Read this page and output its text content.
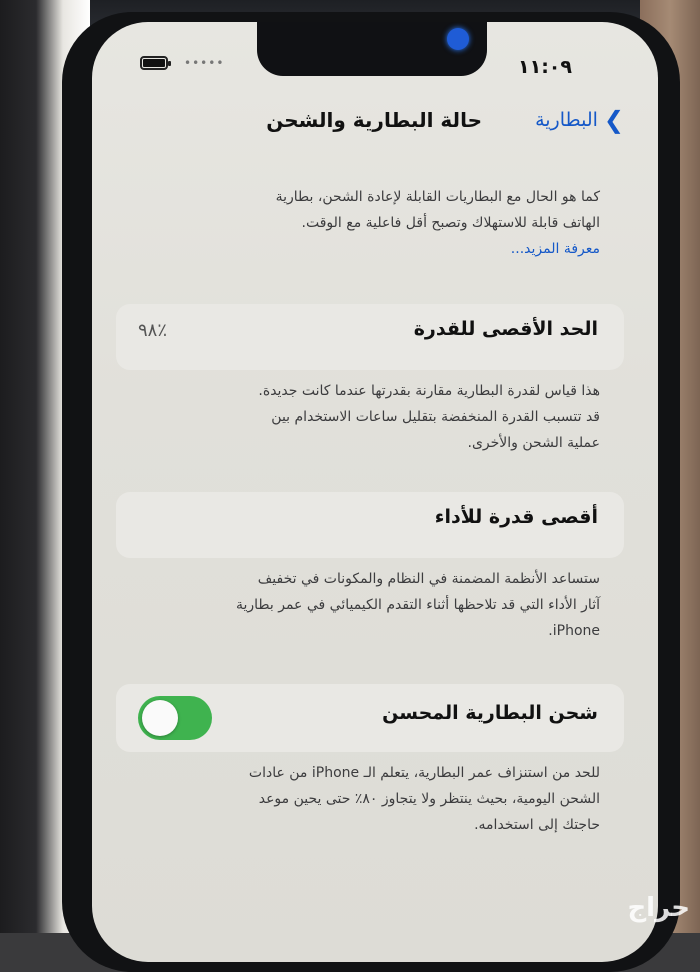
•••••	١١:٠٩
❯
البطارية
حالة البطارية والشحن
كما هو الحال مع البطاريات القابلة لإعادة الشحن، بطارية
الهاتف قابلة للاستهلاك وتصبح أقل فاعلية مع الوقت.
معرفة المزيد...
الحد الأقصى للقدرة
٪٩٨
هذا قياس لقدرة البطارية مقارنة بقدرتها عندما كانت جديدة.
قد تتسبب القدرة المنخفضة بتقليل ساعات الاستخدام بين
عملية الشحن والأخرى.
أقصى قدرة للأداء
ستساعد الأنظمة المضمنة في النظام والمكونات في تخفيف
آثار الأداء التي قد تلاحظها أثناء التقدم الكيميائي في عمر بطارية
iPhone.
شحن البطارية المحسن
للحد من استنزاف عمر البطارية، يتعلم الـ iPhone من عادات
الشحن اليومية، بحيث ينتظر ولا يتجاوز ٨٠٪ حتى يحين موعد
حاجتك إلى استخدامه.
حراج
